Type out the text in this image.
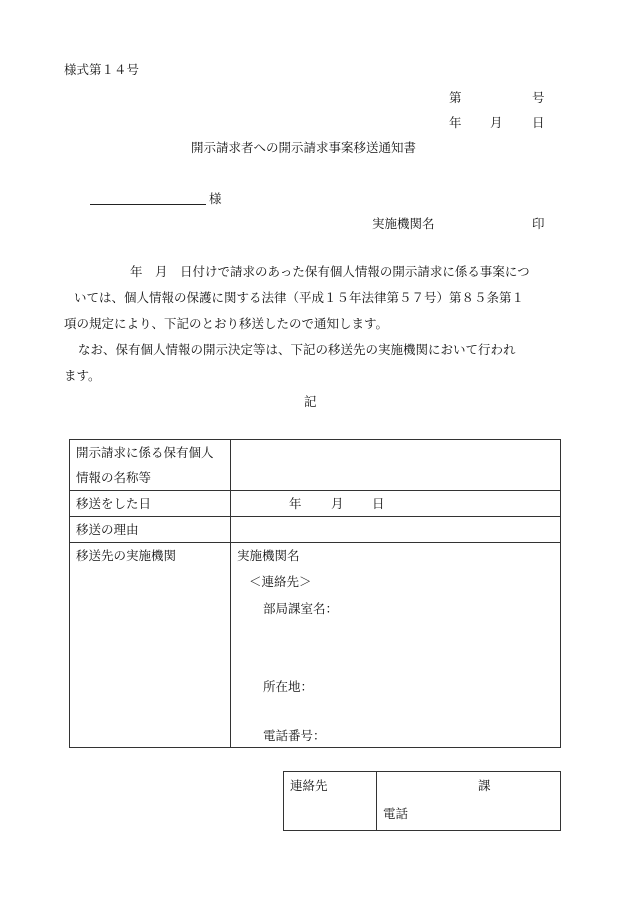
様式第１４号
第	号
年 月 日
開示請求者への開示請求事案移送通知書
様
実施機関名	印

年　月　日付けで請求のあった保有個人情報の開示請求に係る事案につ

いては、個人情報の保護に関する法律（平成１５年法律第５７号）第８５条第１

項の規定により、下記のとおり移送したので通知します。

なお、保有個人情報の開示決定等は、下記の移送先の実施機関において行われ

ます。

記
開示請求に係る保有個人
情報の名称等	

移送をした日	年 月 日

移送の理由	

移送先の実施機関	実施機関名
＜連絡先＞
部局課室名：
所在地：
電話番号：
連絡先	課
電話
